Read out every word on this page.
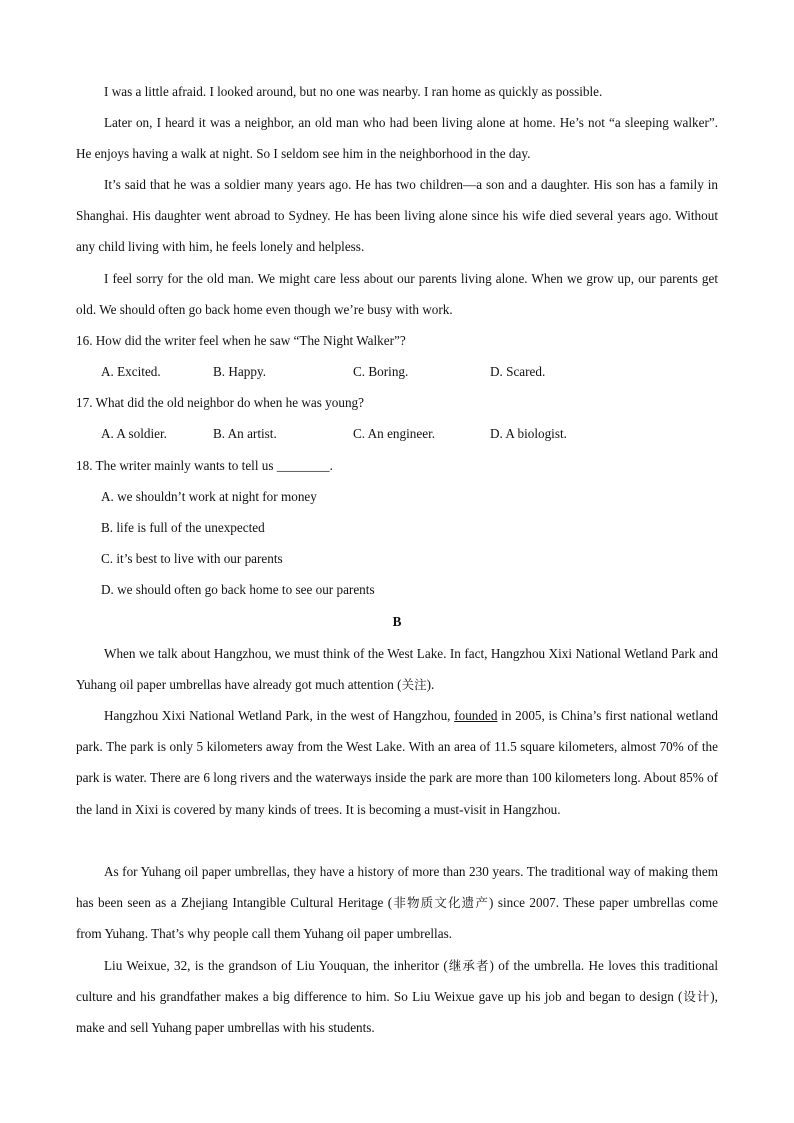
I was a little afraid. I looked around, but no one was nearby. I ran home as quickly as possible.

Later on, I heard it was a neighbor, an old man who had been living alone at home. He’s not “a sleeping walker”. He enjoys having a walk at night. So I seldom see him in the neighborhood in the day.

It’s said that he was a soldier many years ago. He has two children—a son and a daughter. His son has a family in Shanghai. His daughter went abroad to Sydney. He has been living alone since his wife died several years ago. Without any child living with him, he feels lonely and helpless.

I feel sorry for the old man. We might care less about our parents living alone. When we grow up, our parents get old. We should often go back home even though we’re busy with work.

16. How did the writer feel when he saw “The Night Walker”?

A. Excited.	B. Happy.	C. Boring.	D. Scared.

17. What did the old neighbor do when he was young?

A. A soldier.	B. An artist.	C. An engineer.	D. A biologist.

18. The writer mainly wants to tell us ________.

A. we shouldn’t work at night for money

B. life is full of the unexpected

C. it’s best to live with our parents

D. we should often go back home to see our parents

B

When we talk about Hangzhou, we must think of the West Lake. In fact, Hangzhou Xixi National Wetland Park and Yuhang oil paper umbrellas have already got much attention (关注).

Hangzhou Xixi National Wetland Park, in the west of Hangzhou, founded in 2005, is China’s first national wetland park. The park is only 5 kilometers away from the West Lake. With an area of 11.5 square kilometers, almost 70% of the park is water. There are 6 long rivers and the waterways inside the park are more than 100 kilometers long. About 85% of the land in Xixi is covered by many kinds of trees. It is becoming a must-visit in Hangzhou.

As for Yuhang oil paper umbrellas, they have a history of more than 230 years. The traditional way of making them has been seen as a Zhejiang Intangible Cultural Heritage (非物质文化遗产) since 2007. These paper umbrellas come from Yuhang. That’s why people call them Yuhang oil paper umbrellas.

Liu Weixue, 32, is the grandson of Liu Youquan, the inheritor (继承者) of the umbrella. He loves this traditional culture and his grandfather makes a big difference to him. So Liu Weixue gave up his job and began to design (设计), make and sell Yuhang paper umbrellas with his students.
